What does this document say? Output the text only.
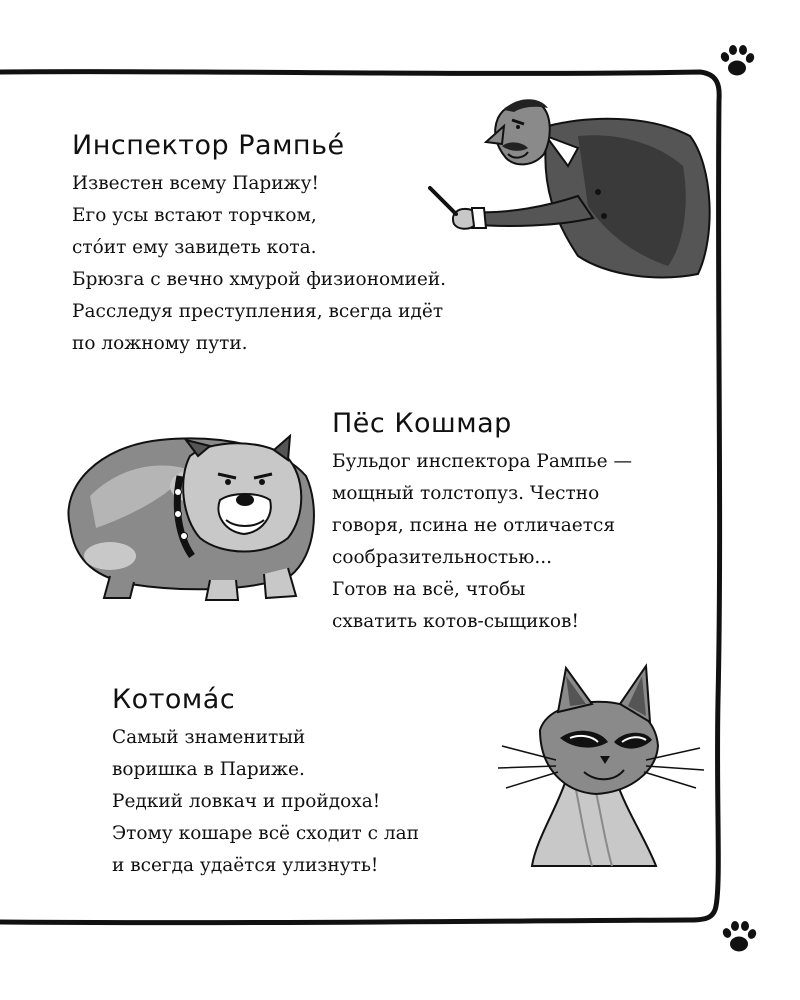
Инспектор Рампье́

Известен всему Парижу!

Его усы встают торчком,

сто́ит ему завидеть кота.

Брюзга с вечно хмурой физиономией.

Расследуя преступления, всегда идёт

по ложному пути.

Пёс Кошмар

Бульдог инспектора Рампье —

мощный толстопуз. Честно

говоря, псина не отличается

сообразительностью...

Готов на всё, чтобы

схватить котов-сыщиков!

Котома́с

Самый знаменитый

воришка в Париже.

Редкий ловкач и пройдоха!

Этому кошаре всё сходит с лап

и всегда удаётся улизнуть!
